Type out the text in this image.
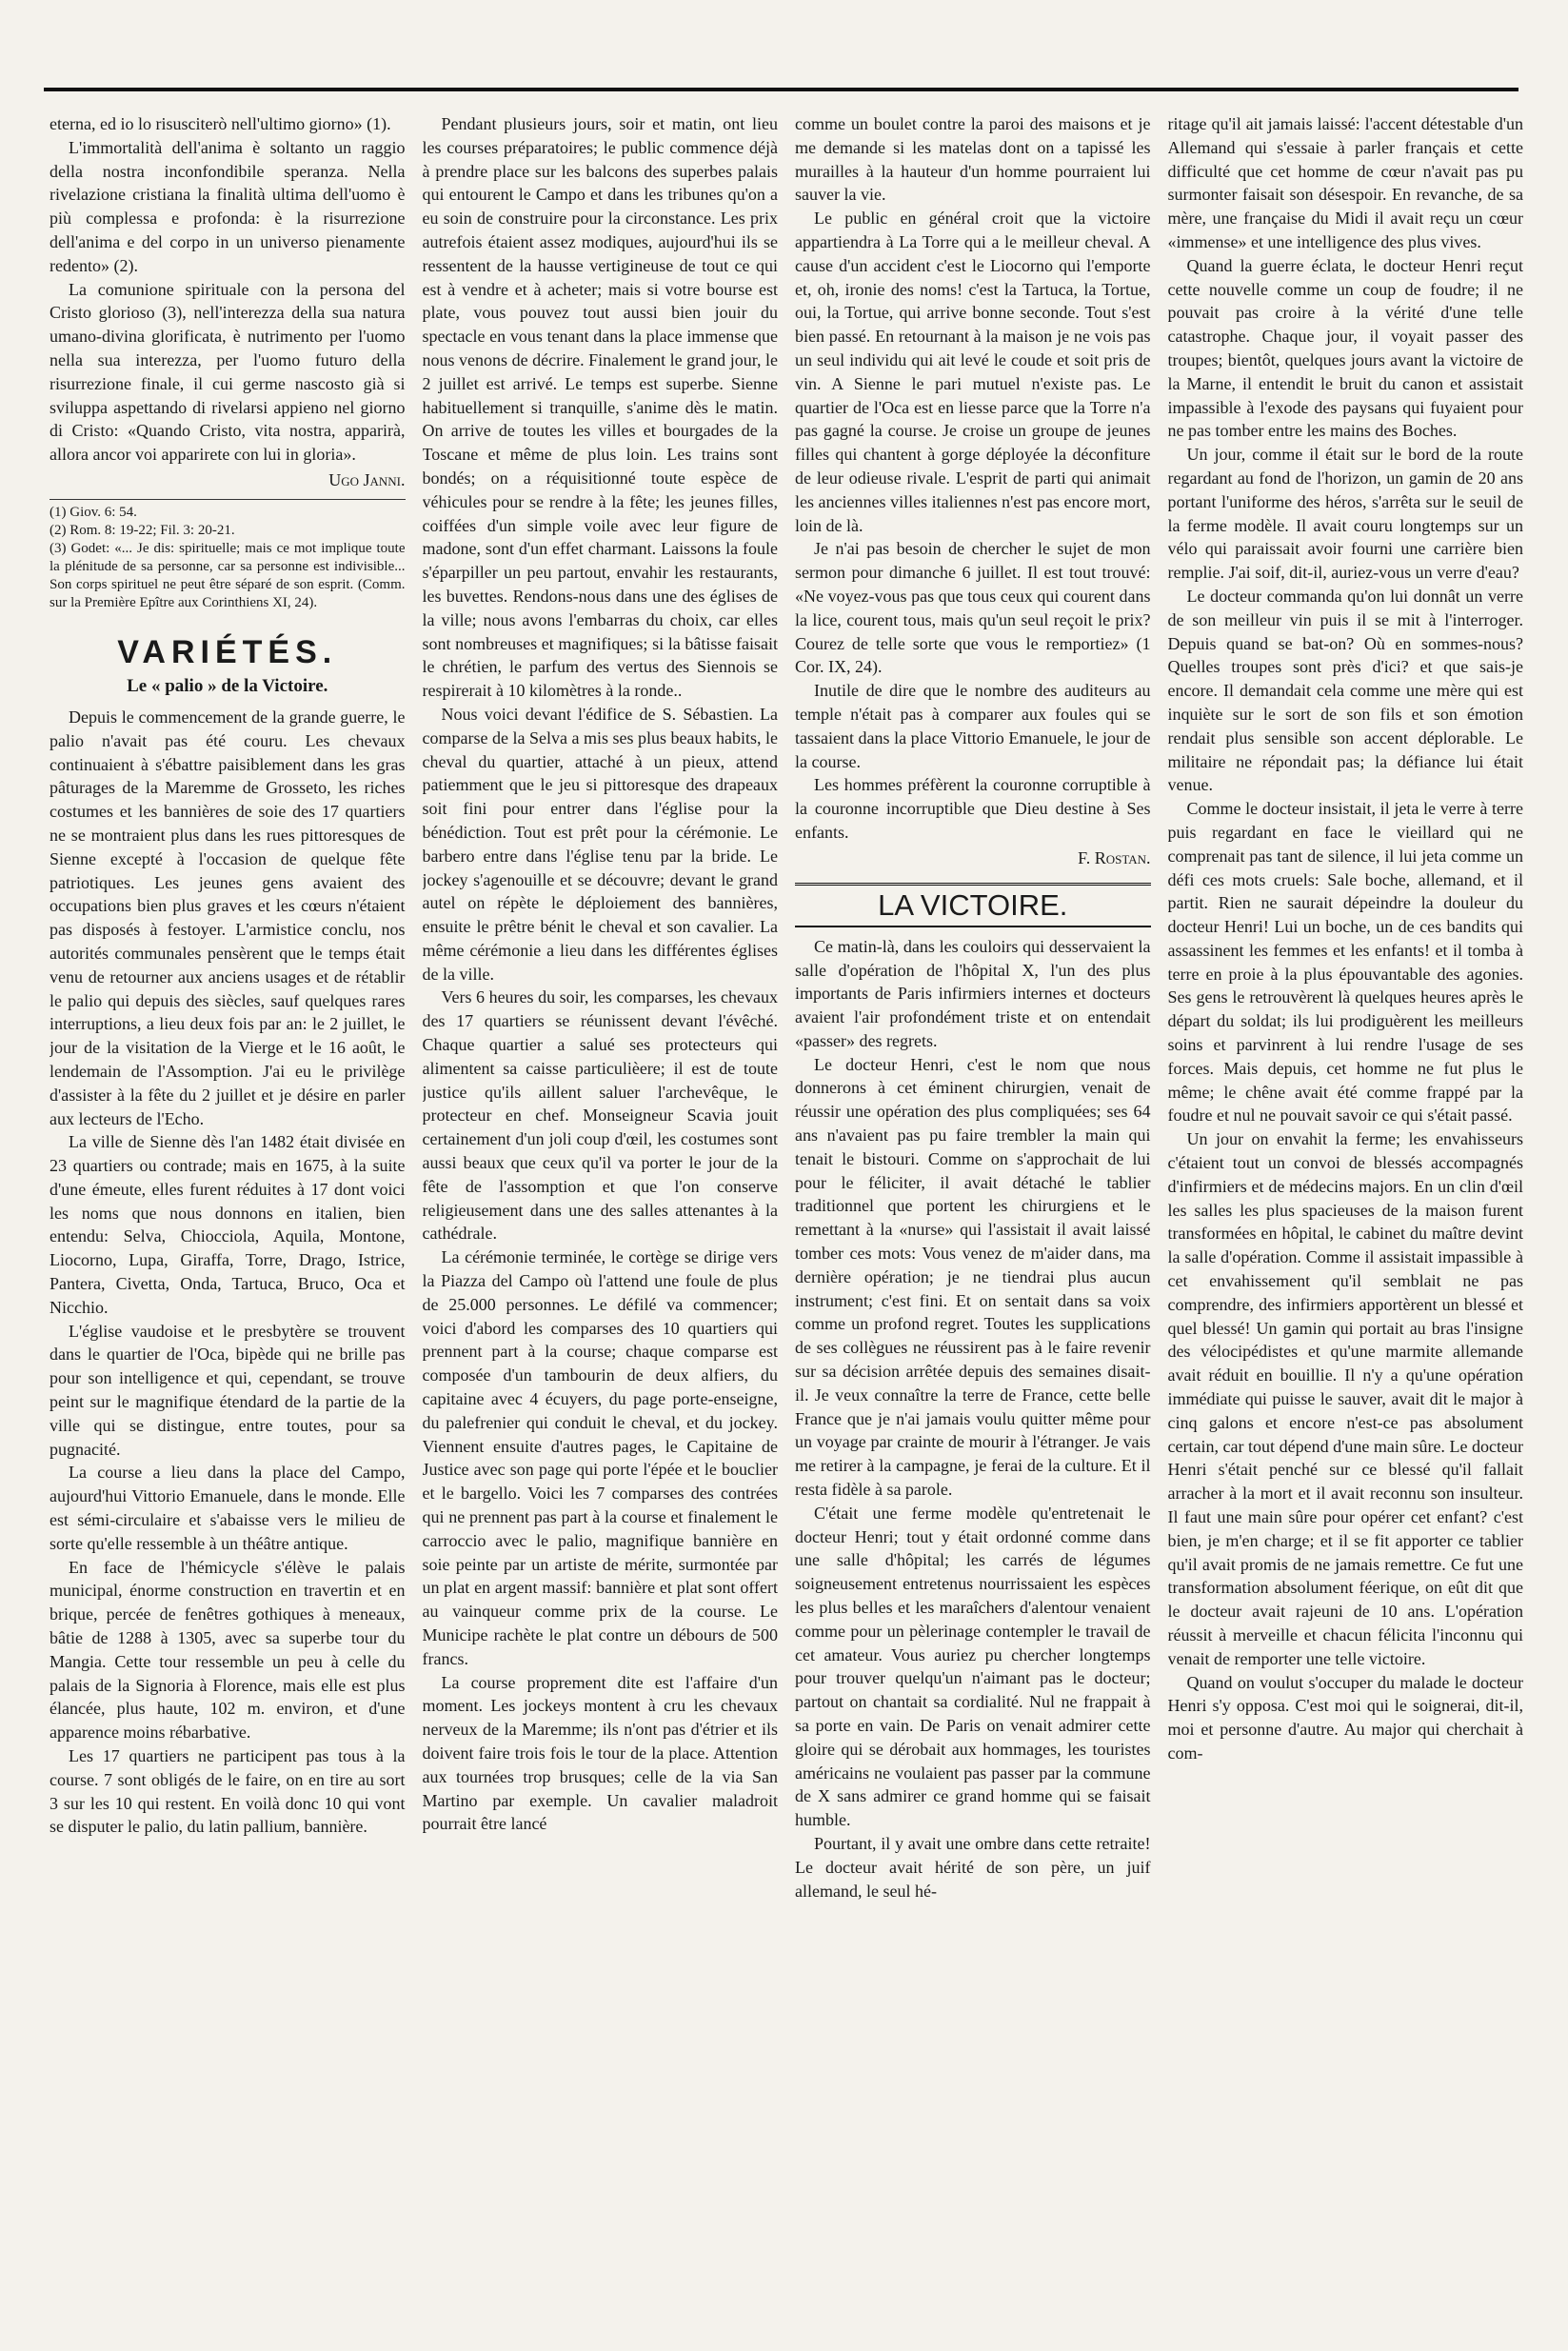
eterna, ed io lo risusciterò nell'ultimo giorno» (1).

L'immortalità dell'anima è soltanto un raggio della nostra inconfondibile speranza. Nella rivelazione cristiana la finalità ultima dell'uomo è più complessa e profonda: è la risurrezione dell'anima e del corpo in un universo pienamente redento» (2).

La comunione spirituale con la persona del Cristo glorioso (3), nell'interezza della sua natura umano-divina glorificata, è nutrimento per l'uomo nella sua interezza, per l'uomo futuro della risurrezione finale, il cui germe nascosto già si sviluppa aspettando di rivelarsi appieno nel giorno di Cristo: «Quando Cristo, vita nostra, apparirà, allora ancor voi apparirete con lui in gloria».

Ugo Janni.

(1) Giov. 6: 54.

(2) Rom. 8: 19-22; Fil. 3: 20-21.

(3) Godet: «... Je dis: spirituelle; mais ce mot implique toute la plénitude de sa personne, car sa personne est indivisible... Son corps spirituel ne peut être séparé de son esprit. (Comm. sur la Première Epître aux Corinthiens XI, 24).

VARIÉTÉS.
Le « palio » de la Victoire.

Depuis le commencement de la grande guerre, le palio n'avait pas été couru. Les chevaux continuaient à s'ébattre paisiblement dans les gras pâturages de la Maremme de Grosseto, les riches costumes et les bannières de soie des 17 quartiers ne se montraient plus dans les rues pittoresques de Sienne excepté à l'occasion de quelque fête patriotiques. Les jeunes gens avaient des occupations bien plus graves et les cœurs n'étaient pas disposés à festoyer. L'armistice conclu, nos autorités communales pensèrent que le temps était venu de retourner aux anciens usages et de rétablir le palio qui depuis des siècles, sauf quelques rares interruptions, a lieu deux fois par an: le 2 juillet, le jour de la visitation de la Vierge et le 16 août, le lendemain de l'Assomption. J'ai eu le privilège d'assister à la fête du 2 juillet et je désire en parler aux lecteurs de l'Echo.

La ville de Sienne dès l'an 1482 était divisée en 23 quartiers ou contrade; mais en 1675, à la suite d'une émeute, elles furent réduites à 17 dont voici les noms que nous donnons en italien, bien entendu: Selva, Chiocciola, Aquila, Montone, Liocorno, Lupa, Giraffa, Torre, Drago, Istrice, Pantera, Civetta, Onda, Tartuca, Bruco, Oca et Nicchio.

L'église vaudoise et le presbytère se trouvent dans le quartier de l'Oca, bipède qui ne brille pas pour son intelligence et qui, cependant, se trouve peint sur le magnifique étendard de la partie de la ville qui se distingue, entre toutes, pour sa pugnacité.

La course a lieu dans la place del Campo, aujourd'hui Vittorio Emanuele, dans le monde. Elle est sémi-circulaire et s'abaisse vers le milieu de sorte qu'elle ressemble à un théâtre antique.

En face de l'hémicycle s'élève le palais municipal, énorme construction en travertin et en brique, percée de fenêtres gothiques à meneaux, bâtie de 1288 à 1305, avec sa superbe tour du Mangia. Cette tour ressemble un peu à celle du palais de la Signoria à Florence, mais elle est plus élancée, plus haute, 102 m. environ, et d'une apparence moins rébarbative.

Les 17 quartiers ne participent pas tous à la course. 7 sont obligés de le faire, on en tire au sort 3 sur les 10 qui restent. En voilà donc 10 qui vont se disputer le palio, du latin pallium, bannière.

Pendant plusieurs jours, soir et matin, ont lieu les courses préparatoires; le public commence déjà à prendre place sur les balcons des superbes palais qui entourent le Campo et dans les tribunes qu'on a eu soin de construire pour la circonstance. Les prix autrefois étaient assez modiques, aujourd'hui ils se ressentent de la hausse vertigineuse de tout ce qui est à vendre et à acheter; mais si votre bourse est plate, vous pouvez tout aussi bien jouir du spectacle en vous tenant dans la place immense que nous venons de décrire. Finalement le grand jour, le 2 juillet est arrivé. Le temps est superbe. Sienne habituellement si tranquille, s'anime dès le matin. On arrive de toutes les villes et bourgades de la Toscane et même de plus loin. Les trains sont bondés; on a réquisitionné toute espèce de véhicules pour se rendre à la fête; les jeunes filles, coiffées d'un simple voile avec leur figure de madone, sont d'un effet charmant. Laissons la foule s'éparpiller un peu partout, envahir les restaurants, les buvettes. Rendons-nous dans une des églises de la ville; nous avons l'embarras du choix, car elles sont nombreuses et magnifiques; si la bâtisse faisait le chrétien, le parfum des vertus des Siennois se respirerait à 10 kilomètres à la ronde..

Nous voici devant l'édifice de S. Sébastien. La comparse de la Selva a mis ses plus beaux habits, le cheval du quartier, attaché à un pieux, attend patiemment que le jeu si pittoresque des drapeaux soit fini pour entrer dans l'église pour la bénédiction. Tout est prêt pour la cérémonie. Le barbero entre dans l'église tenu par la bride. Le jockey s'agenouille et se découvre; devant le grand autel on répète le déploiement des bannières, ensuite le prêtre bénit le cheval et son cavalier. La même cérémonie a lieu dans les différentes églises de la ville.

Vers 6 heures du soir, les comparses, les chevaux des 17 quartiers se réunissent devant l'évêché. Chaque quartier a salué ses protecteurs qui alimentent sa caisse particulièere; il est de toute justice qu'ils aillent saluer l'archevêque, le protecteur en chef. Monseigneur Scavia jouit certainement d'un joli coup d'œil, les costumes sont aussi beaux que ceux qu'il va porter le jour de la fête de l'assomption et que l'on conserve religieusement dans une des salles attenantes à la cathédrale.

La cérémonie terminée, le cortège se dirige vers la Piazza del Campo où l'attend une foule de plus de 25.000 personnes. Le défilé va commencer; voici d'abord les comparses des 10 quartiers qui prennent part à la course; chaque comparse est composée d'un tambourin de deux alfiers, du capitaine avec 4 écuyers, du page porte-enseigne, du palefrenier qui conduit le cheval, et du jockey. Viennent ensuite d'autres pages, le Capitaine de Justice avec son page qui porte l'épée et le bouclier et le bargello. Voici les 7 comparses des contrées qui ne prennent pas part à la course et finalement le carroccio avec le palio, magnifique bannière en soie peinte par un artiste de mérite, surmontée par un plat en argent massif: bannière et plat sont offert au vainqueur comme prix de la course. Le Municipe rachète le plat contre un débours de 500 francs.

La course proprement dite est l'affaire d'un moment. Les jockeys montent à cru les chevaux nerveux de la Maremme; ils n'ont pas d'étrier et ils doivent faire trois fois le tour de la place. Attention aux tournées trop brusques; celle de la via San Martino par exemple. Un cavalier maladroit pourrait être lancé

comme un boulet contre la paroi des maisons et je me demande si les matelas dont on a tapissé les murailles à la hauteur d'un homme pourraient lui sauver la vie.

Le public en général croit que la victoire appartiendra à La Torre qui a le meilleur cheval. A cause d'un accident c'est le Liocorno qui l'emporte et, oh, ironie des noms! c'est la Tartuca, la Tortue, oui, la Tortue, qui arrive bonne seconde. Tout s'est bien passé. En retournant à la maison je ne vois pas un seul individu qui ait levé le coude et soit pris de vin. A Sienne le pari mutuel n'existe pas. Le quartier de l'Oca est en liesse parce que la Torre n'a pas gagné la course. Je croise un groupe de jeunes filles qui chantent à gorge déployée la déconfiture de leur odieuse rivale. L'esprit de parti qui animait les anciennes villes italiennes n'est pas encore mort, loin de là.

Je n'ai pas besoin de chercher le sujet de mon sermon pour dimanche 6 juillet. Il est tout trouvé: «Ne voyez-vous pas que tous ceux qui courent dans la lice, courent tous, mais qu'un seul reçoit le prix? Courez de telle sorte que vous le remportiez» (1 Cor. IX, 24).

Inutile de dire que le nombre des auditeurs au temple n'était pas à comparer aux foules qui se tassaient dans la place Vittorio Emanuele, le jour de la course.

Les hommes préfèrent la couronne corruptible à la couronne incorruptible que Dieu destine à Ses enfants.

F. Rostan.
LA VICTOIRE.

Ce matin-là, dans les couloirs qui desservaient la salle d'opération de l'hôpital X, l'un des plus importants de Paris infirmiers internes et docteurs avaient l'air profondément triste et on entendait «passer» des regrets.

Le docteur Henri, c'est le nom que nous donnerons à cet éminent chirurgien, venait de réussir une opération des plus compliquées; ses 64 ans n'avaient pas pu faire trembler la main qui tenait le bistouri. Comme on s'approchait de lui pour le féliciter, il avait détaché le tablier traditionnel que portent les chirurgiens et le remettant à la «nurse» qui l'assistait il avait laissé tomber ces mots: Vous venez de m'aider dans, ma dernière opération; je ne tiendrai plus aucun instrument; c'est fini. Et on sentait dans sa voix comme un profond regret. Toutes les supplications de ses collègues ne réussirent pas à le faire revenir sur sa décision arrêtée depuis des semaines disait-il. Je veux connaître la terre de France, cette belle France que je n'ai jamais voulu quitter même pour un voyage par crainte de mourir à l'étranger. Je vais me retirer à la campagne, je ferai de la culture. Et il resta fidèle à sa parole.

C'était une ferme modèle qu'entretenait le docteur Henri; tout y était ordonné comme dans une salle d'hôpital; les carrés de légumes soigneusement entretenus nourrissaient les espèces les plus belles et les maraîchers d'alentour venaient comme pour un pèlerinage contempler le travail de cet amateur. Vous auriez pu chercher longtemps pour trouver quelqu'un n'aimant pas le docteur; partout on chantait sa cordialité. Nul ne frappait à sa porte en vain. De Paris on venait admirer cette gloire qui se dérobait aux hommages, les touristes américains ne voulaient pas passer par la commune de X sans admirer ce grand homme qui se faisait humble.

Pourtant, il y avait une ombre dans cette retraite! Le docteur avait hérité de son père, un juif allemand, le seul hé-

ritage qu'il ait jamais laissé: l'accent détestable d'un Allemand qui s'essaie à parler français et cette difficulté que cet homme de cœur n'avait pas pu surmonter faisait son désespoir. En revanche, de sa mère, une française du Midi il avait reçu un cœur «immense» et une intelligence des plus vives.

Quand la guerre éclata, le docteur Henri reçut cette nouvelle comme un coup de foudre; il ne pouvait pas croire à la vérité d'une telle catastrophe. Chaque jour, il voyait passer des troupes; bientôt, quelques jours avant la victoire de la Marne, il entendit le bruit du canon et assistait impassible à l'exode des paysans qui fuyaient pour ne pas tomber entre les mains des Boches.

Un jour, comme il était sur le bord de la route regardant au fond de l'horizon, un gamin de 20 ans portant l'uniforme des héros, s'arrêta sur le seuil de la ferme modèle. Il avait couru longtemps sur un vélo qui paraissait avoir fourni une carrière bien remplie. J'ai soif, dit-il, auriez-vous un verre d'eau?

Le docteur commanda qu'on lui donnât un verre de son meilleur vin puis il se mit à l'interroger. Depuis quand se bat-on? Où en sommes-nous? Quelles troupes sont près d'ici? et que sais-je encore. Il demandait cela comme une mère qui est inquiète sur le sort de son fils et son émotion rendait plus sensible son accent déplorable. Le militaire ne répondait pas; la défiance lui était venue.

Comme le docteur insistait, il jeta le verre à terre puis regardant en face le vieillard qui ne comprenait pas tant de silence, il lui jeta comme un défi ces mots cruels: Sale boche, allemand, et il partit. Rien ne saurait dépeindre la douleur du docteur Henri! Lui un boche, un de ces bandits qui assassinent les femmes et les enfants! et il tomba à terre en proie à la plus épouvantable des agonies. Ses gens le retrouvèrent là quelques heures après le départ du soldat; ils lui prodiguèrent les meilleurs soins et parvinrent à lui rendre l'usage de ses forces. Mais depuis, cet homme ne fut plus le même; le chêne avait été comme frappé par la foudre et nul ne pouvait savoir ce qui s'était passé.

Un jour on envahit la ferme; les envahisseurs c'étaient tout un convoi de blessés accompagnés d'infirmiers et de médecins majors. En un clin d'œil les salles les plus spacieuses de la maison furent transformées en hôpital, le cabinet du maître devint la salle d'opération. Comme il assistait impassible à cet envahissement qu'il semblait ne pas comprendre, des infirmiers apportèrent un blessé et quel blessé! Un gamin qui portait au bras l'insigne des vélocipédistes et qu'une marmite allemande avait réduit en bouillie. Il n'y a qu'une opération immédiate qui puisse le sauver, avait dit le major à cinq galons et encore n'est-ce pas absolument certain, car tout dépend d'une main sûre. Le docteur Henri s'était penché sur ce blessé qu'il fallait arracher à la mort et il avait reconnu son insulteur. Il faut une main sûre pour opérer cet enfant? c'est bien, je m'en charge; et il se fit apporter ce tablier qu'il avait promis de ne jamais remettre. Ce fut une transformation absolument féerique, on eût dit que le docteur avait rajeuni de 10 ans. L'opération réussit à merveille et chacun félicita l'inconnu qui venait de remporter une telle victoire.

Quand on voulut s'occuper du malade le docteur Henri s'y opposa. C'est moi qui le soignerai, dit-il, moi et personne d'autre. Au major qui cherchait à com-
